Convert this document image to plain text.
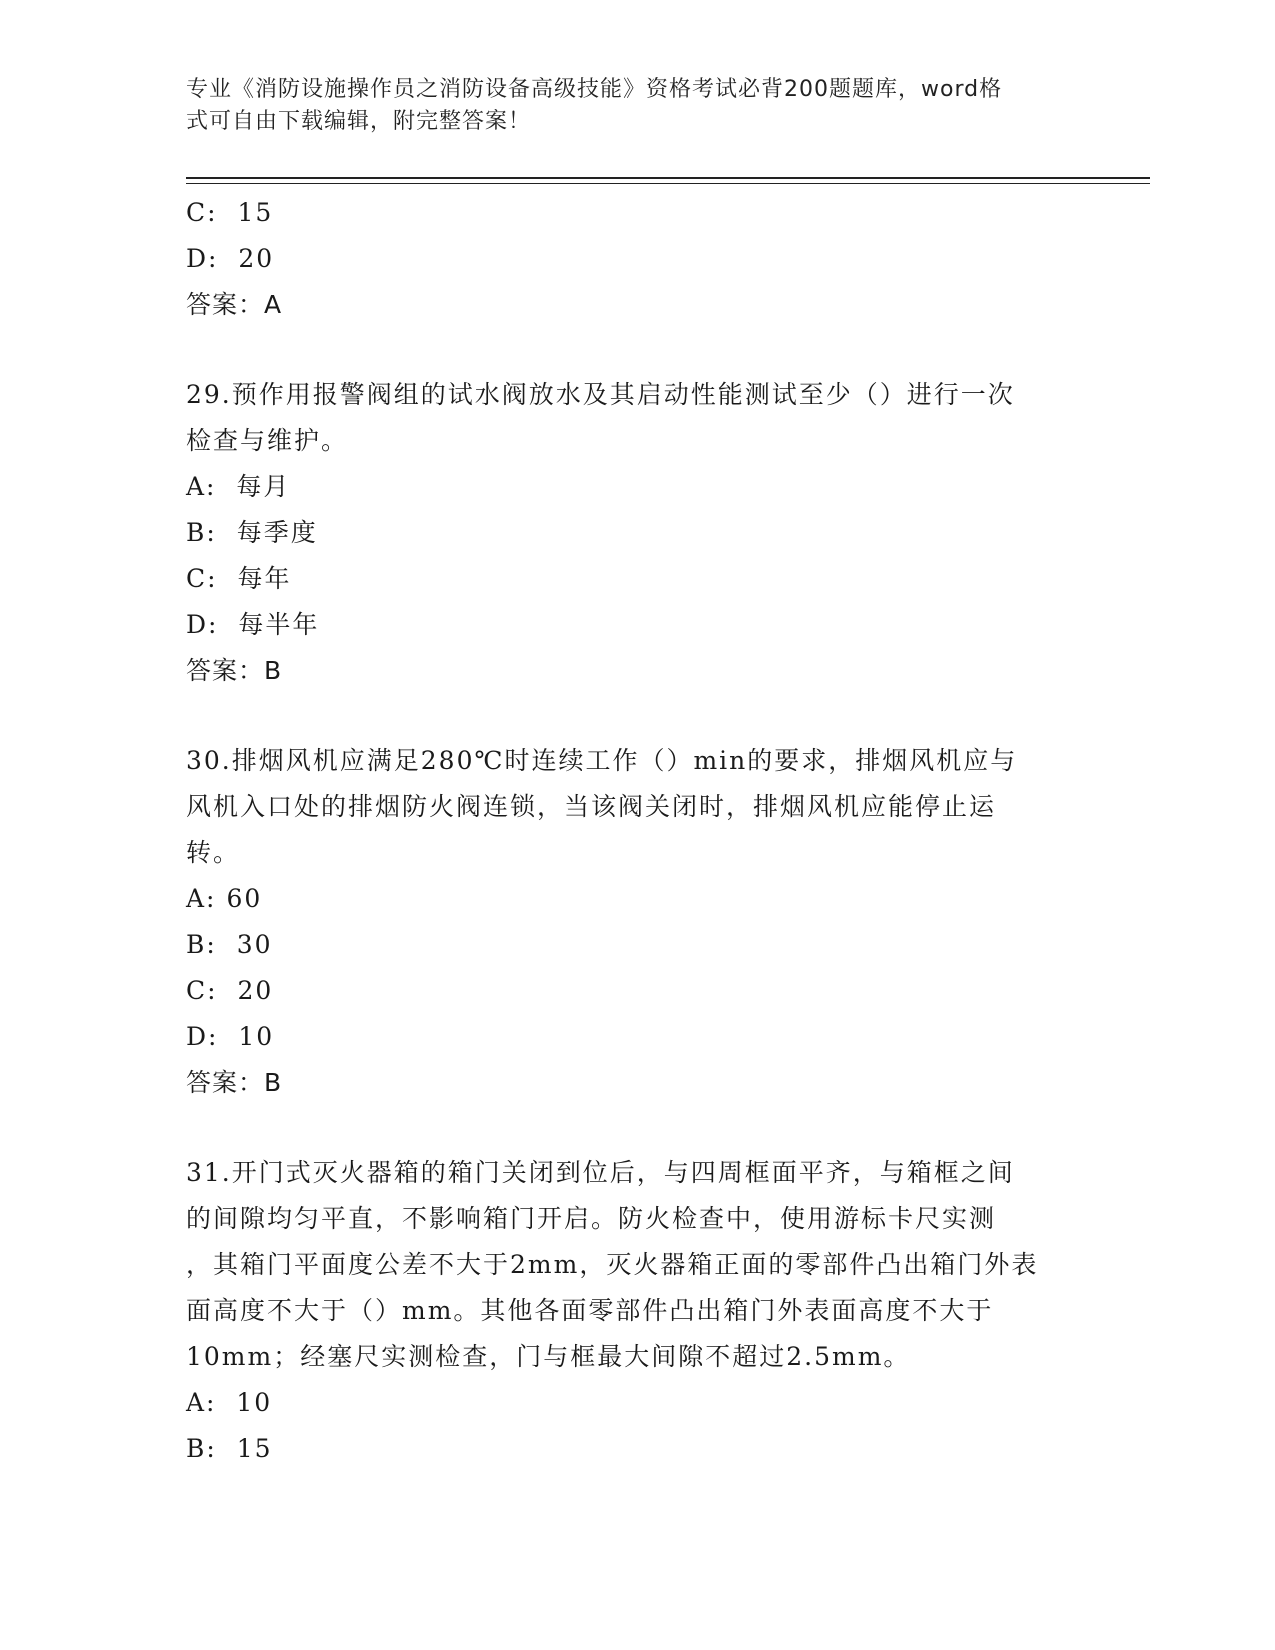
专业《消防设施操作员之消防设备高级技能》资格考试必背200题题库，word格
式可自由下载编辑，附完整答案！
C: 15
D: 20
答案：A
29.预作用报警阀组的试水阀放水及其启动性能测试至少（）进行一次
检查与维护。
A: 每月
B: 每季度
C: 每年
D: 每半年
答案：B
30.排烟风机应满足280℃时连续工作（）min的要求，排烟风机应与
风机入口处的排烟防火阀连锁，当该阀关闭时，排烟风机应能停止运
转。
A: 60
B: 30
C: 20
D: 10
答案：B
31.开门式灭火器箱的箱门关闭到位后，与四周框面平齐，与箱框之间
的间隙均匀平直，不影响箱门开启。防火检查中，使用游标卡尺实测
，其箱门平面度公差不大于2mm，灭火器箱正面的零部件凸出箱门外表
面高度不大于（）mm。其他各面零部件凸出箱门外表面高度不大于
10mm；经塞尺实测检查，门与框最大间隙不超过2.5mm。
A: 10
B: 15
